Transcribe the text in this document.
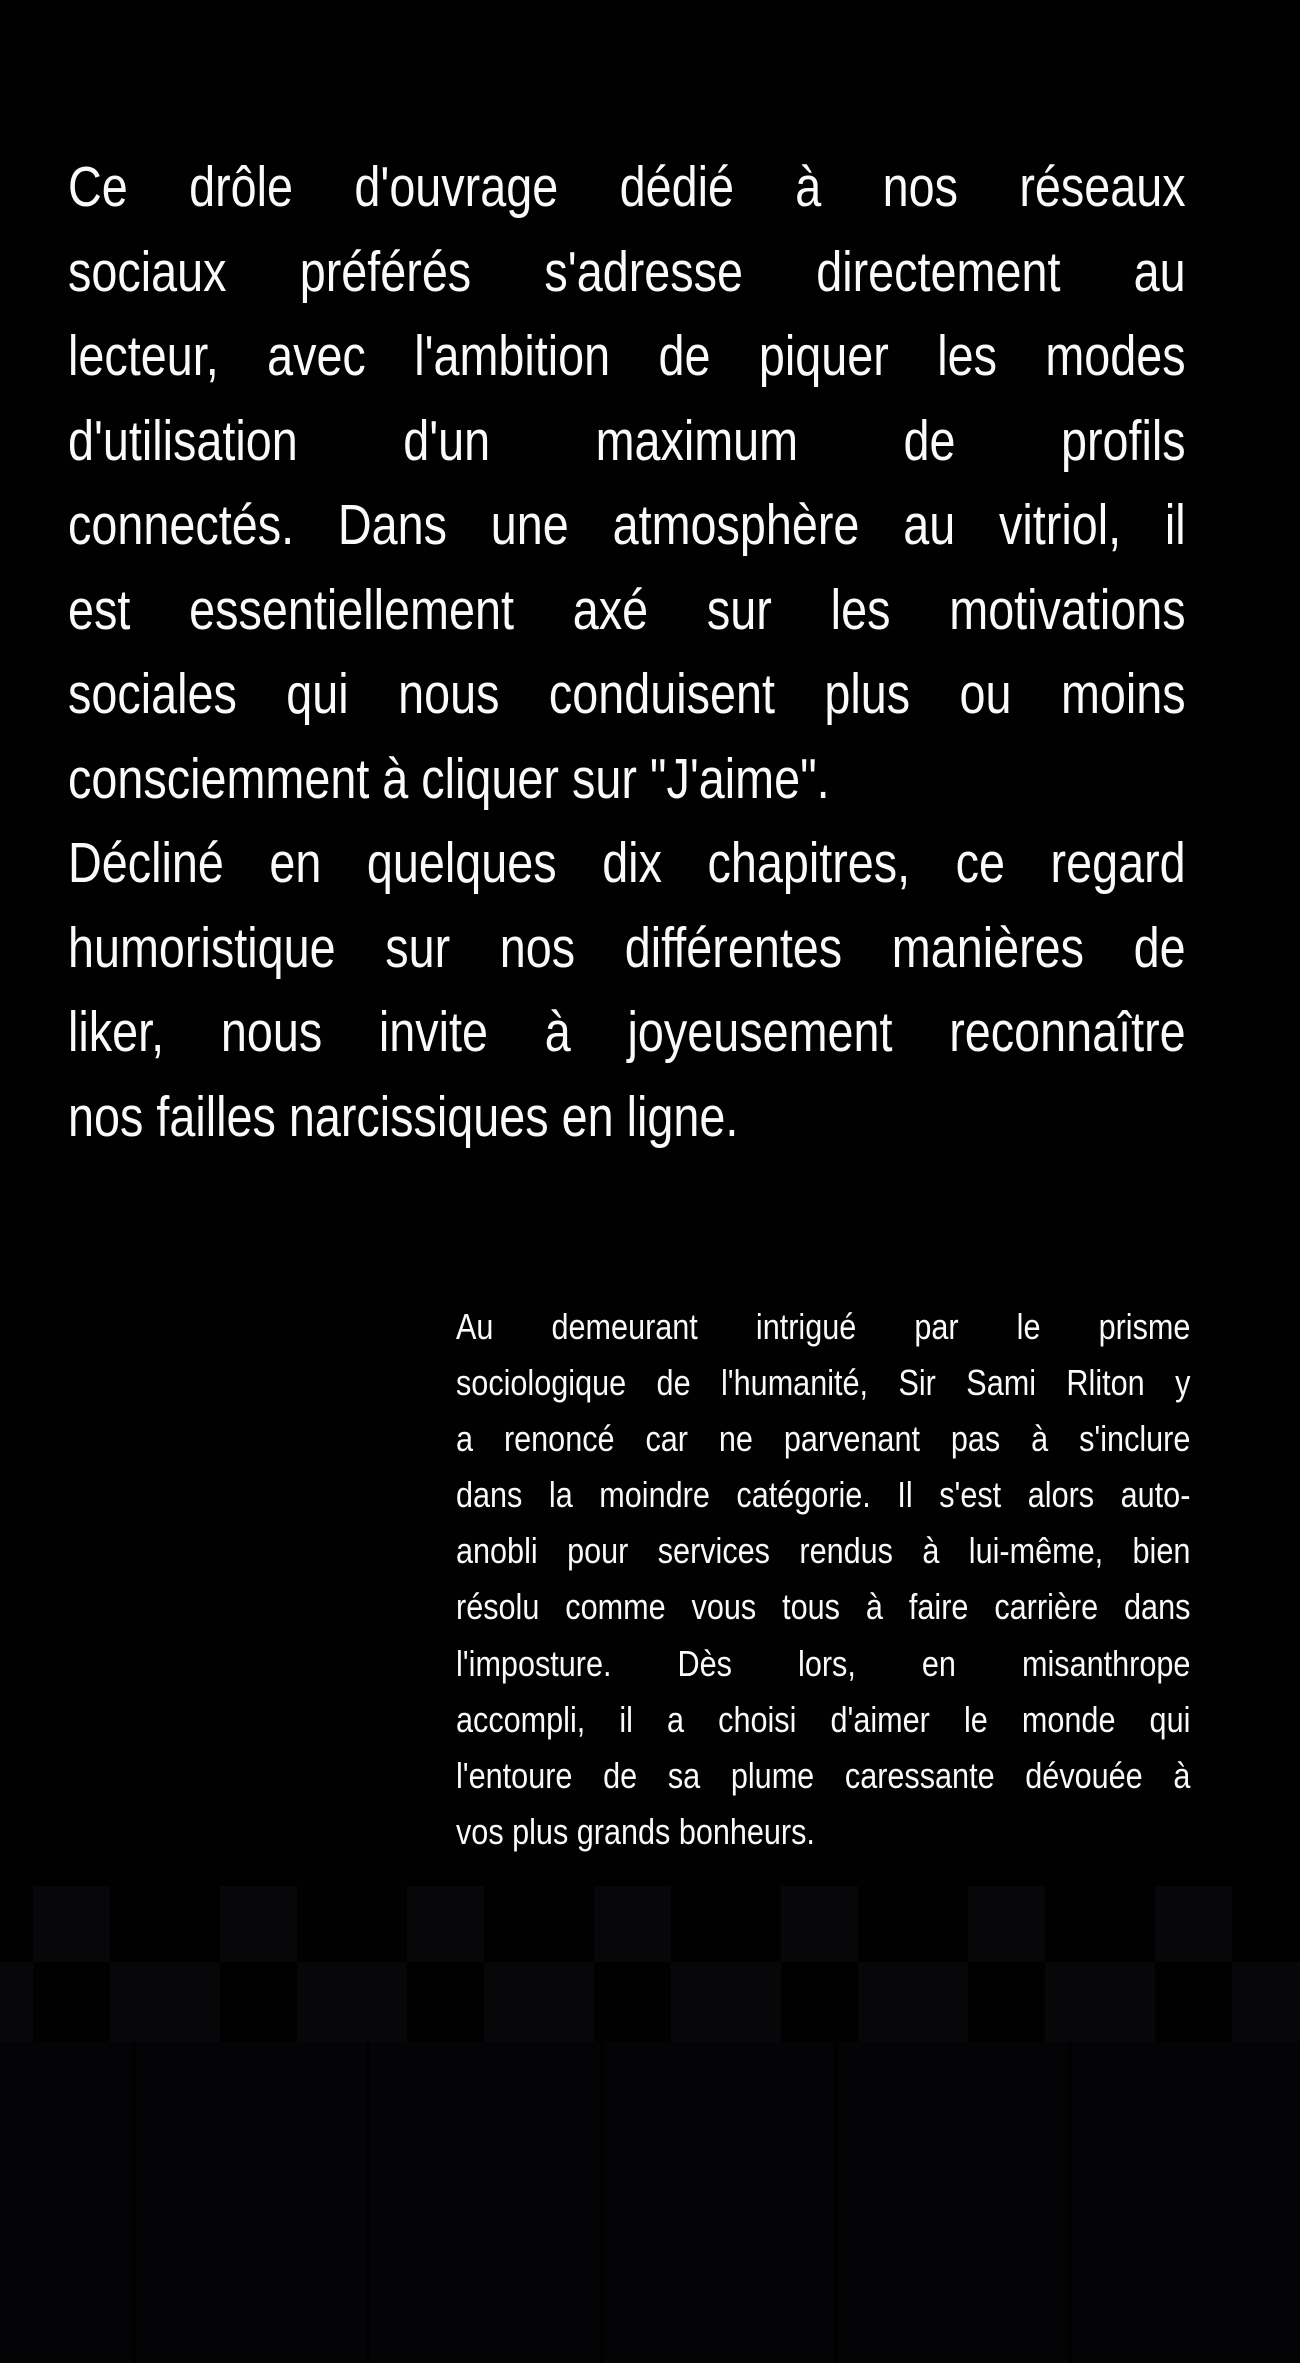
Ce drôle d'ouvrage dédié à nos réseaux
sociaux préférés s'adresse directement au
lecteur, avec l'ambition de piquer les modes
d'utilisation d'un maximum de profils
connectés. Dans une atmosphère au vitriol, il
est essentiellement axé sur les motivations
sociales qui nous conduisent plus ou moins
consciemment à cliquer sur "J'aime".
Décliné en quelques dix chapitres, ce regard
humoristique sur nos différentes manières de
liker, nous invite à joyeusement reconnaître
nos failles narcissiques en ligne.
Au demeurant intrigué par le prisme
sociologique de l'humanité, Sir Sami Rliton y
a renoncé car ne parvenant pas à s'inclure
dans la moindre catégorie. Il s'est alors auto-
anobli pour services rendus à lui-même, bien
résolu comme vous tous à faire carrière dans
l'imposture. Dès lors, en misanthrope
accompli, il a choisi d'aimer le monde qui
l'entoure de sa plume caressante dévouée à
vos plus grands bonheurs.
